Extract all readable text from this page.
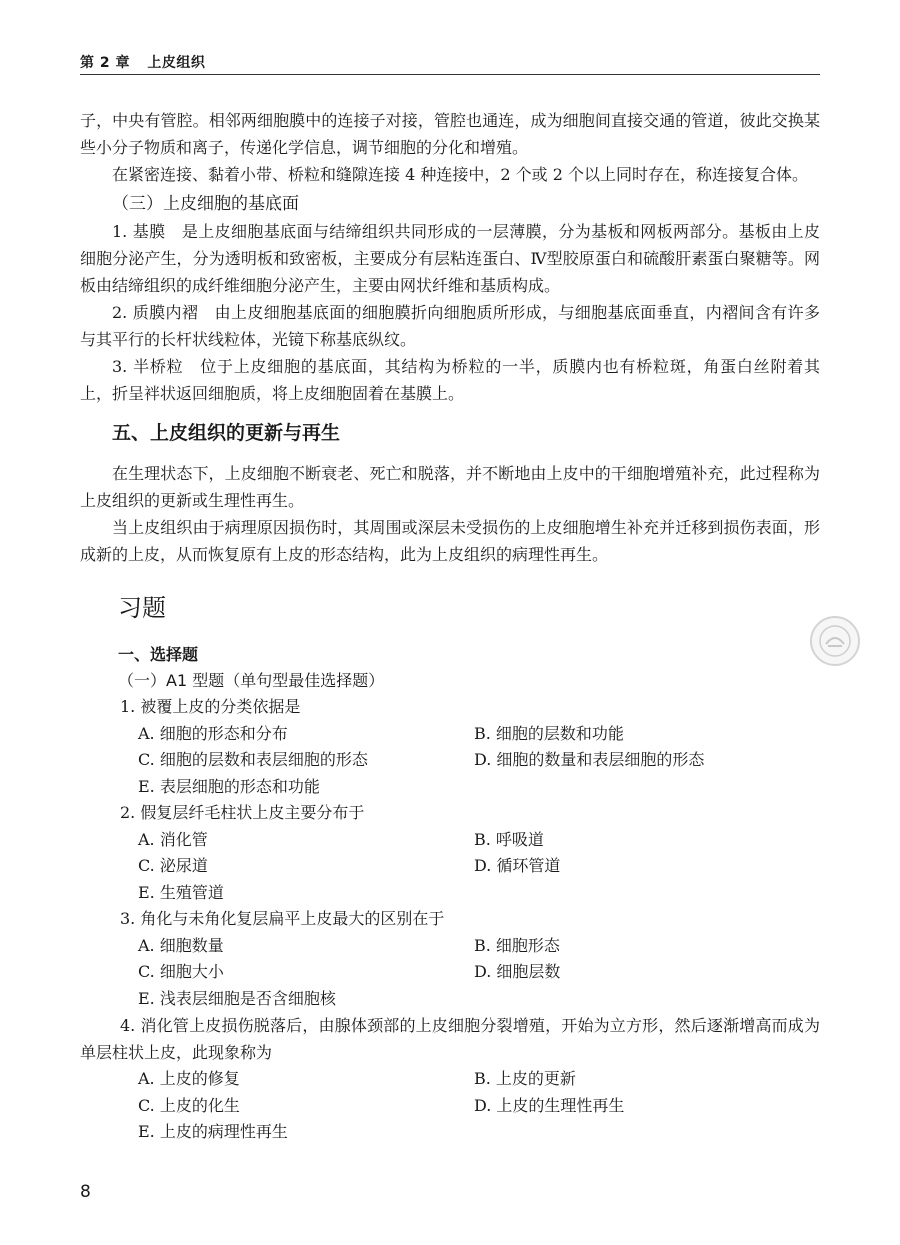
第 2 章 上皮组织

子，中央有管腔。相邻两细胞膜中的连接子对接，管腔也通连，成为细胞间直接交通的管道，彼此交换某些小分子物质和离子，传递化学信息，调节细胞的分化和增殖。

在紧密连接、黏着小带、桥粒和缝隙连接 4 种连接中，2 个或 2 个以上同时存在，称连接复合体。

（三）上皮细胞的基底面

1. 基膜　是上皮细胞基底面与结缔组织共同形成的一层薄膜，分为基板和网板两部分。基板由上皮细胞分泌产生，分为透明板和致密板，主要成分有层粘连蛋白、Ⅳ型胶原蛋白和硫酸肝素蛋白聚糖等。网板由结缔组织的成纤维细胞分泌产生，主要由网状纤维和基质构成。

2. 质膜内褶　由上皮细胞基底面的细胞膜折向细胞质所形成，与细胞基底面垂直，内褶间含有许多与其平行的长杆状线粒体，光镜下称基底纵纹。

3. 半桥粒　位于上皮细胞的基底面，其结构为桥粒的一半，质膜内也有桥粒斑，角蛋白丝附着其上，折呈袢状返回细胞质，将上皮细胞固着在基膜上。

五、上皮组织的更新与再生

在生理状态下，上皮细胞不断衰老、死亡和脱落，并不断地由上皮中的干细胞增殖补充，此过程称为上皮组织的更新或生理性再生。

当上皮组织由于病理原因损伤时，其周围或深层未受损伤的上皮细胞增生补充并迁移到损伤表面，形成新的上皮，从而恢复原有上皮的形态结构，此为上皮组织的病理性再生。

习题
一、选择题
（一）A1 型题（单句型最佳选择题）
1. 被覆上皮的分类依据是
A. 细胞的形态和分布	B. 细胞的层数和功能
C. 细胞的层数和表层细胞的形态	D. 细胞的数量和表层细胞的形态
E. 表层细胞的形态和功能
2. 假复层纤毛柱状上皮主要分布于
A. 消化管	B. 呼吸道
C. 泌尿道	D. 循环管道
E. 生殖管道
3. 角化与未角化复层扁平上皮最大的区别在于
A. 细胞数量	B. 细胞形态
C. 细胞大小	D. 细胞层数
E. 浅表层细胞是否含细胞核

4. 消化管上皮损伤脱落后，由腺体颈部的上皮细胞分裂增殖，开始为立方形，然后逐渐增高而成为单层柱状上皮，此现象称为

A. 上皮的修复	B. 上皮的更新
C. 上皮的化生	D. 上皮的生理性再生
E. 上皮的病理性再生
8
